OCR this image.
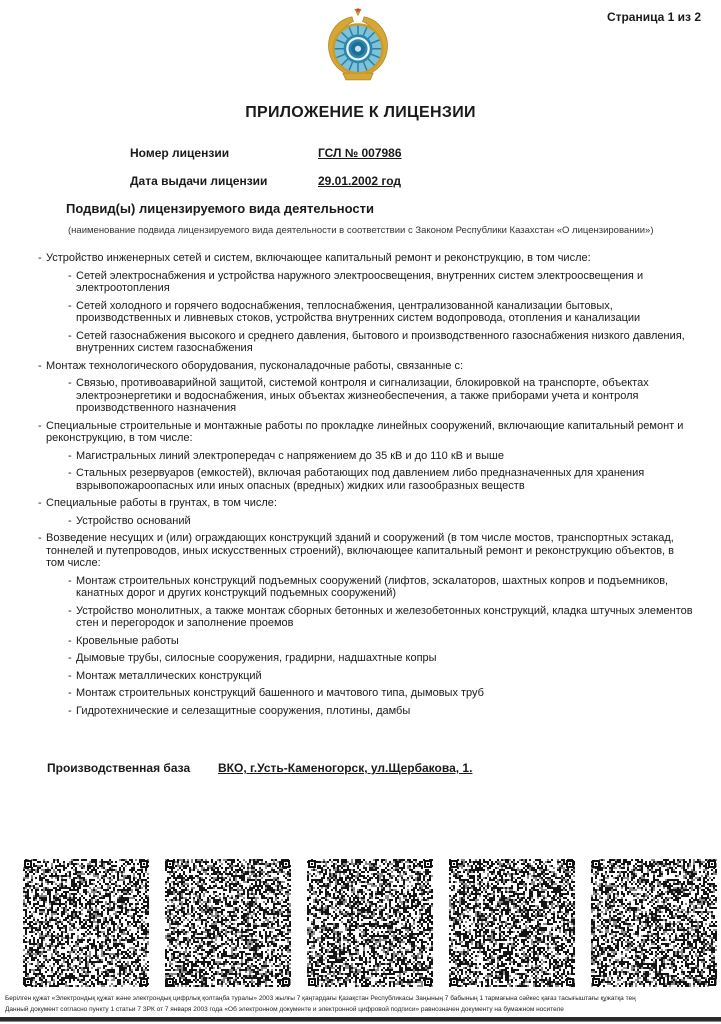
Страница 1 из 2
ПРИЛОЖЕНИЕ К ЛИЦЕНЗИИ
Номер лицензии	ГСЛ № 007986
Дата выдачи лицензии	29.01.2002 год
Подвид(ы) лицензируемого вида деятельности
(наименование подвида лицензируемого вида деятельности в соответствии с Законом Республики Казахстан «О лицензировании»)
- Устройство инженерных сетей и систем, включающее капитальный ремонт и реконструкцию, в том числе:
- Сетей электроснабжения и устройства наружного электроосвещения, внутренних систем электроосвещения и электроотопления
- Сетей холодного и горячего водоснабжения, теплоснабжения, централизованной канализации бытовых, производственных и ливневых стоков, устройства внутренних систем водопровода, отопления и канализации
- Сетей газоснабжения высокого и среднего давления, бытового и производственного газоснабжения низкого давления, внутренних систем газоснабжения
- Монтаж технологического оборудования, пусконаладочные работы, связанные с:
- Связью, противоаварийной защитой, системой контроля и сигнализации, блокировкой на транспорте, объектах электроэнергетики и водоснабжения, иных объектах жизнеобеспечения, а также приборами учета и контроля производственного назначения
- Специальные строительные и монтажные работы по прокладке линейных сооружений, включающие капитальный ремонт и реконструкцию, в том числе:
- Магистральных линий электропередач с напряжением до 35 кВ и до 110 кВ и выше
- Стальных резервуаров (емкостей), включая работающих под давлением либо предназначенных для хранения взрывопожароопасных или иных опасных (вредных) жидких или газообразных веществ
- Специальные работы в грунтах, в том числе:
- Устройство оснований
- Возведение несущих и (или) ограждающих конструкций зданий и сооружений (в том числе мостов, транспортных эстакад, тоннелей и путепроводов, иных искусственных строений), включающее капитальный ремонт и реконструкцию объектов, в том числе:
- Монтаж строительных конструкций подъемных сооружений (лифтов, эскалаторов, шахтных копров и подъемников, канатных дорог и других конструкций подъемных сооружений)
- Устройство монолитных, а также монтаж сборных бетонных и железобетонных конструкций, кладка штучных элементов стен и перегородок и заполнение проемов
- Кровельные работы
- Дымовые трубы, силосные сооружения, градирни, надшахтные копры
- Монтаж металлических конструкций
- Монтаж строительных конструкций башенного и мачтового типа, дымовых труб
- Гидротехнические и селезащитные сооружения, плотины, дамбы
Производственная база ВКО, г.Усть-Каменогорск, ул.Щербакова, 1.
Берілген құжат «Электрондық құжат және электрондық цифрлық қолтаңба туралы» 2003 жылғы 7 қаңтардағы Қазақстан Республикасы Заңының 7 бабының 1 тармағына сәйкес қағаз тасығыштағы құжатқа тең
Данный документ согласно пункту 1 статьи 7 ЗРК от 7 января 2003 года «Об электронном документе и электронной цифровой подписи» равнозначен документу на бумажном носителе
